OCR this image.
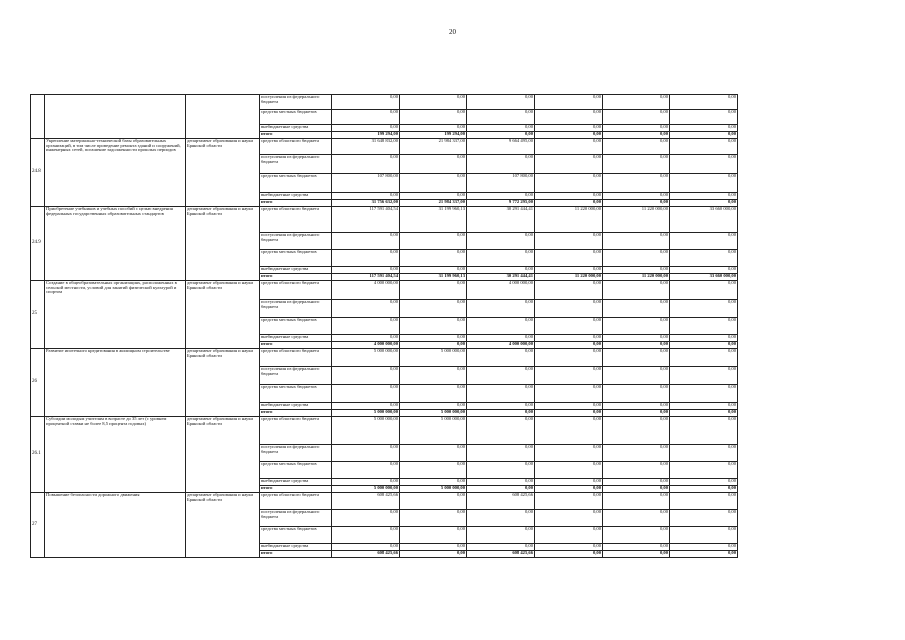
20
			поступления из федерального бюджета	0,00	0,00	0,00	0,00	0,00	0,00
			средства местных бюджетов	0,00	0,00	0,00	0,00	0,00	0,00
			внебюджетные средства	0,00	0,00	0,00	0,00	0,00	0,00
			итого	199 294,00	199 294,00	0,00	0,00	0,00	0,00
24.8	Укрепление материально-технической базы образовательных организаций, в том числе проведение ремонта зданий и сооружений, инженерных сетей, погашение задолженности прошлых периодов	департамент образования и науки Брянской области	средства областного бюджета	31 648 832,00	21 984 337,00	9 664 495,00	0,00	0,00	0,00
			поступления из федерального бюджета	0,00	0,00	0,00	0,00	0,00	0,00
			средства местных бюджетов	107 800,00	0,00	107 800,00	0,00	0,00	0,00
			внебюджетные средства	0,00	0,00	0,00	0,00	0,00	0,00
			итого	31 756 632,00	21 984 337,00	9 772 295,00	0,00	0,00	0,00
24.9	Приобретение учебников и учебных пособий с целью внедрения федеральных государственных образовательных стандартов	департамент образования и науки Брянской области	средства областного бюджета	117 591 404,54	31 199 960,13	30 291 444,41	11 220 000,00	11 220 000,00	33 660 000,00
			поступления из федерального бюджета	0,00	0,00	0,00	0,00	0,00	0,00
			средства местных бюджетов	0,00	0,00	0,00	0,00	0,00	0,00
			внебюджетные средства	0,00	0,00	0,00	0,00	0,00	0,00
			итого	117 591 404,54	31 199 960,13	30 291 444,41	11 220 000,00	11 220 000,00	33 660 000,00
25	Создание в общеобразовательных организациях, расположенных в сельской местности, условий для занятий физической культурой и спортом	департамент образования и науки Брянской области	средства областного бюджета	4 000 000,00	0,00	4 000 000,00	0,00	0,00	0,00
			поступления из федерального бюджета	0,00	0,00	0,00	0,00	0,00	0,00
			средства местных бюджетов	0,00	0,00	0,00	0,00	0,00	0,00
			внебюджетные средства	0,00	0,00	0,00	0,00	0,00	0,00
			итого	4 000 000,00	0,00	4 000 000,00	0,00	0,00	0,00
26	Развитие ипотечного кредитования в жилищном строительстве	департамент образования и науки Брянской области	средства областного бюджета	5 000 000,00	5 000 000,00	0,00	0,00	0,00	0,00
			поступления из федерального бюджета	0,00	0,00	0,00	0,00	0,00	0,00
			средства местных бюджетов	0,00	0,00	0,00	0,00	0,00	0,00
			внебюджетные средства	0,00	0,00	0,00	0,00	0,00	0,00
			итого	5 000 000,00	5 000 000,00	0,00	0,00	0,00	0,00
26.1	Субсидии молодым учителям в возрасте до 35 лет (с уровнем процентной ставки не более 8,5 процента годовых)	департамент образования и науки Брянской области	средства областного бюджета	5 000 000,00	5 000 000,00	0,00	0,00	0,00	0,00
			поступления из федерального бюджета	0,00	0,00	0,00	0,00	0,00	0,00
			средства местных бюджетов	0,00	0,00	0,00	0,00	0,00	0,00
			внебюджетные средства	0,00	0,00	0,00	0,00	0,00	0,00
			итого	5 000 000,00	5 000 000,00	0,00	0,00	0,00	0,00
27	Повышение безопасности дорожного движения	департамент образования и науки Брянской области	средства областного бюджета	608 425,66	0,00	608 425,66	0,00	0,00	0,00
			поступления из федерального бюджета	0,00	0,00	0,00	0,00	0,00	0,00
			средства местных бюджетов	0,00	0,00	0,00	0,00	0,00	0,00
			внебюджетные средства	0,00	0,00	0,00	0,00	0,00	0,00
			итого	608 425,66	0,00	608 425,66	0,00	0,00	0,00
